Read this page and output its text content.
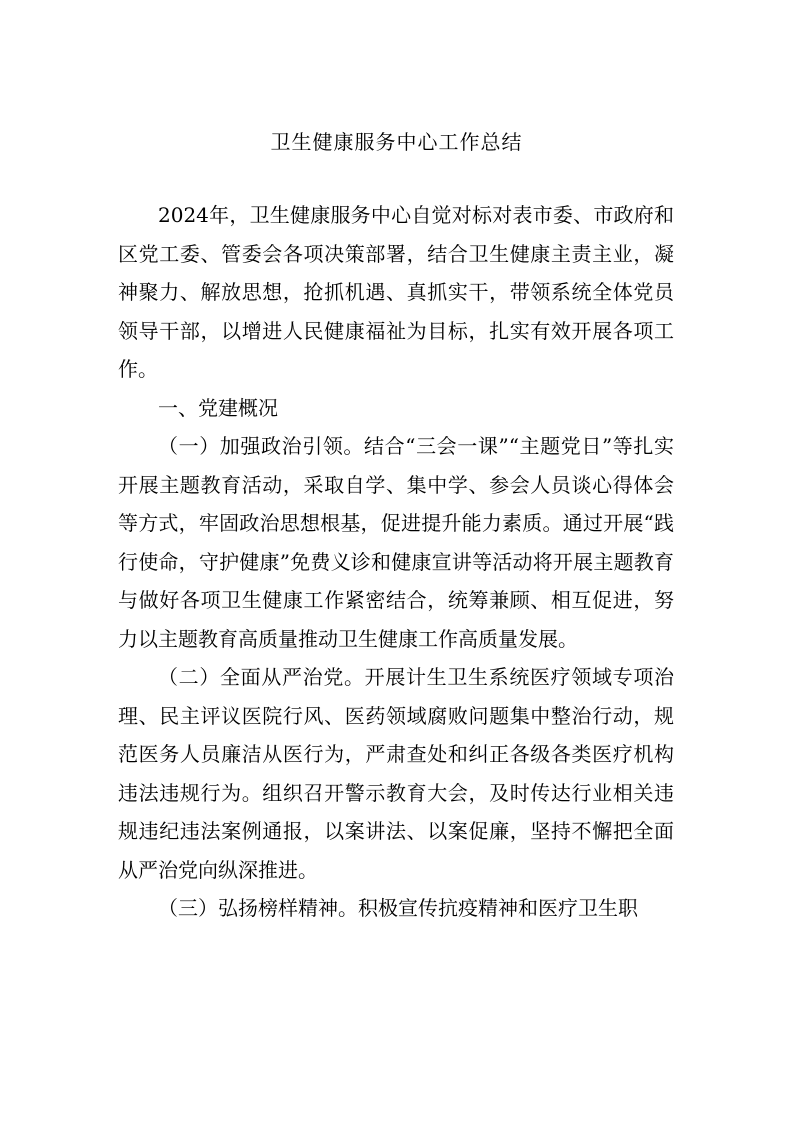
卫生健康服务中心工作总结

2024年，卫生健康服务中心自觉对标对表市委、市政府和区党工委、管委会各项决策部署，结合卫生健康主责主业，凝神聚力、解放思想，抢抓机遇、真抓实干，带领系统全体党员领导干部，以增进人民健康福祉为目标，扎实有效开展各项工作。

一、党建概况

（一）加强政治引领。结合“三会一课”“主题党日”等扎实开展主题教育活动，采取自学、集中学、参会人员谈心得体会等方式，牢固政治思想根基，促进提升能力素质。通过开展“践行使命，守护健康”免费义诊和健康宣讲等活动将开展主题教育与做好各项卫生健康工作紧密结合，统筹兼顾、相互促进，努力以主题教育高质量推动卫生健康工作高质量发展。

（二）全面从严治党。开展计生卫生系统医疗领域专项治理、民主评议医院行风、医药领域腐败问题集中整治行动，规范医务人员廉洁从医行为，严肃查处和纠正各级各类医疗机构违法违规行为。组织召开警示教育大会，及时传达行业相关违规违纪违法案例通报，以案讲法、以案促廉，坚持不懈把全面从严治党向纵深推进。

（三）弘扬榜样精神。积极宣传抗疫精神和医疗卫生职
